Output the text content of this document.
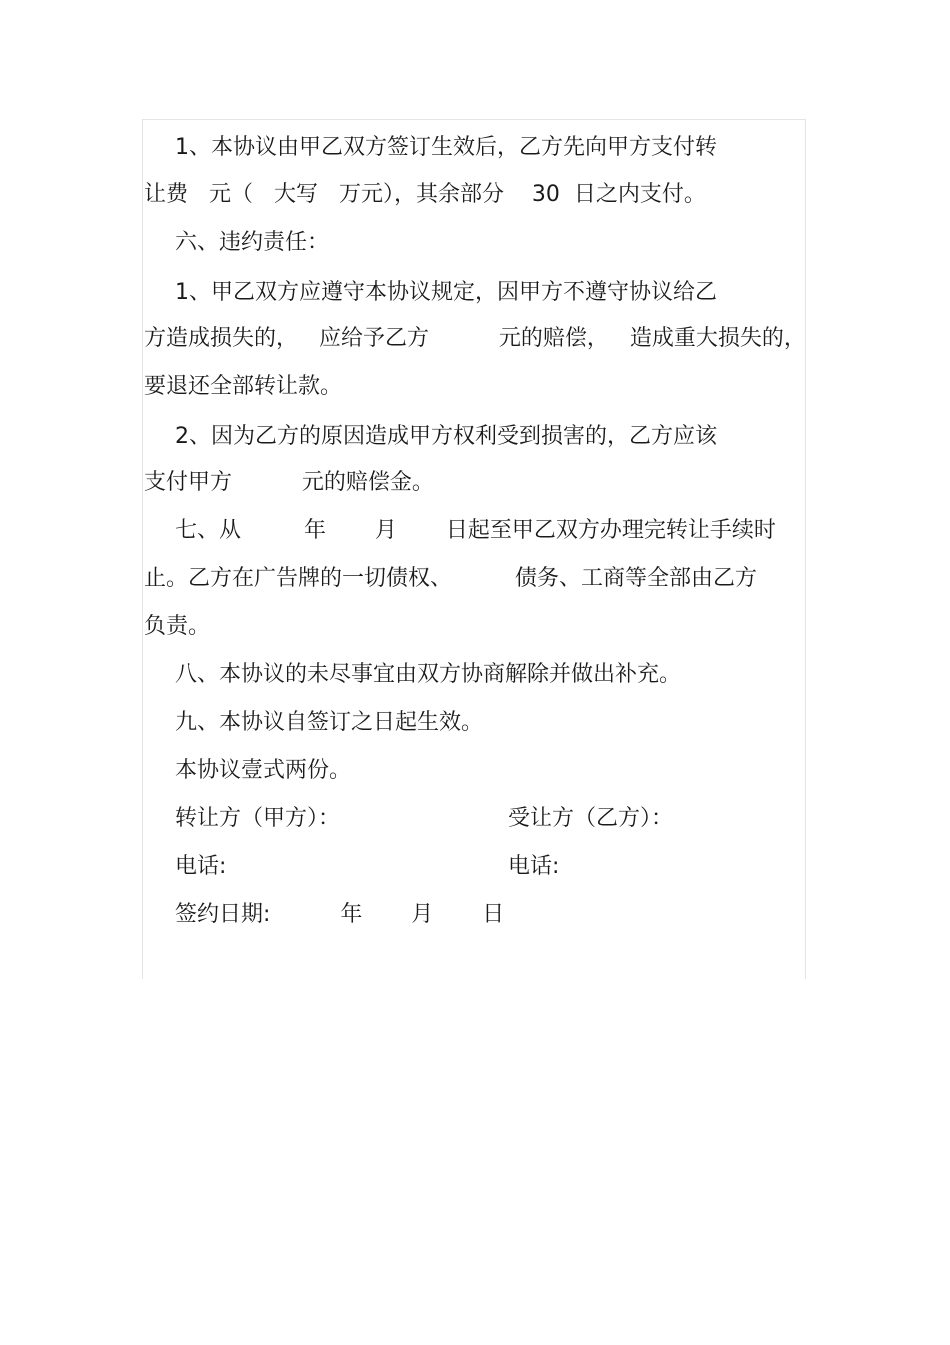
1、本协议由甲乙双方签订生效后，乙方先向甲方支付转
让费   元（   大写   万元），其余部分    30  日之内支付。
六、违约责任：
1、甲乙双方应遵守本协议规定，因甲方不遵守协议给乙
方造成损失的，   应给予乙方          元的赔偿，   造成重大损失的，
要退还全部转让款。
2、因为乙方的原因造成甲方权利受到损害的，乙方应该
支付甲方          元的赔偿金。
七、从         年       月       日起至甲乙双方办理完转让手续时
止。乙方在广告牌的一切债权、         债务、工商等全部由乙方
负责。
八、本协议的未尽事宜由双方协商解除并做出补充。
九、本协议自签订之日起生效。
本协议壹式两份。
转让方（甲方）：	受让方（乙方）：
电话:	电话:
签约日期:          年       月       日
